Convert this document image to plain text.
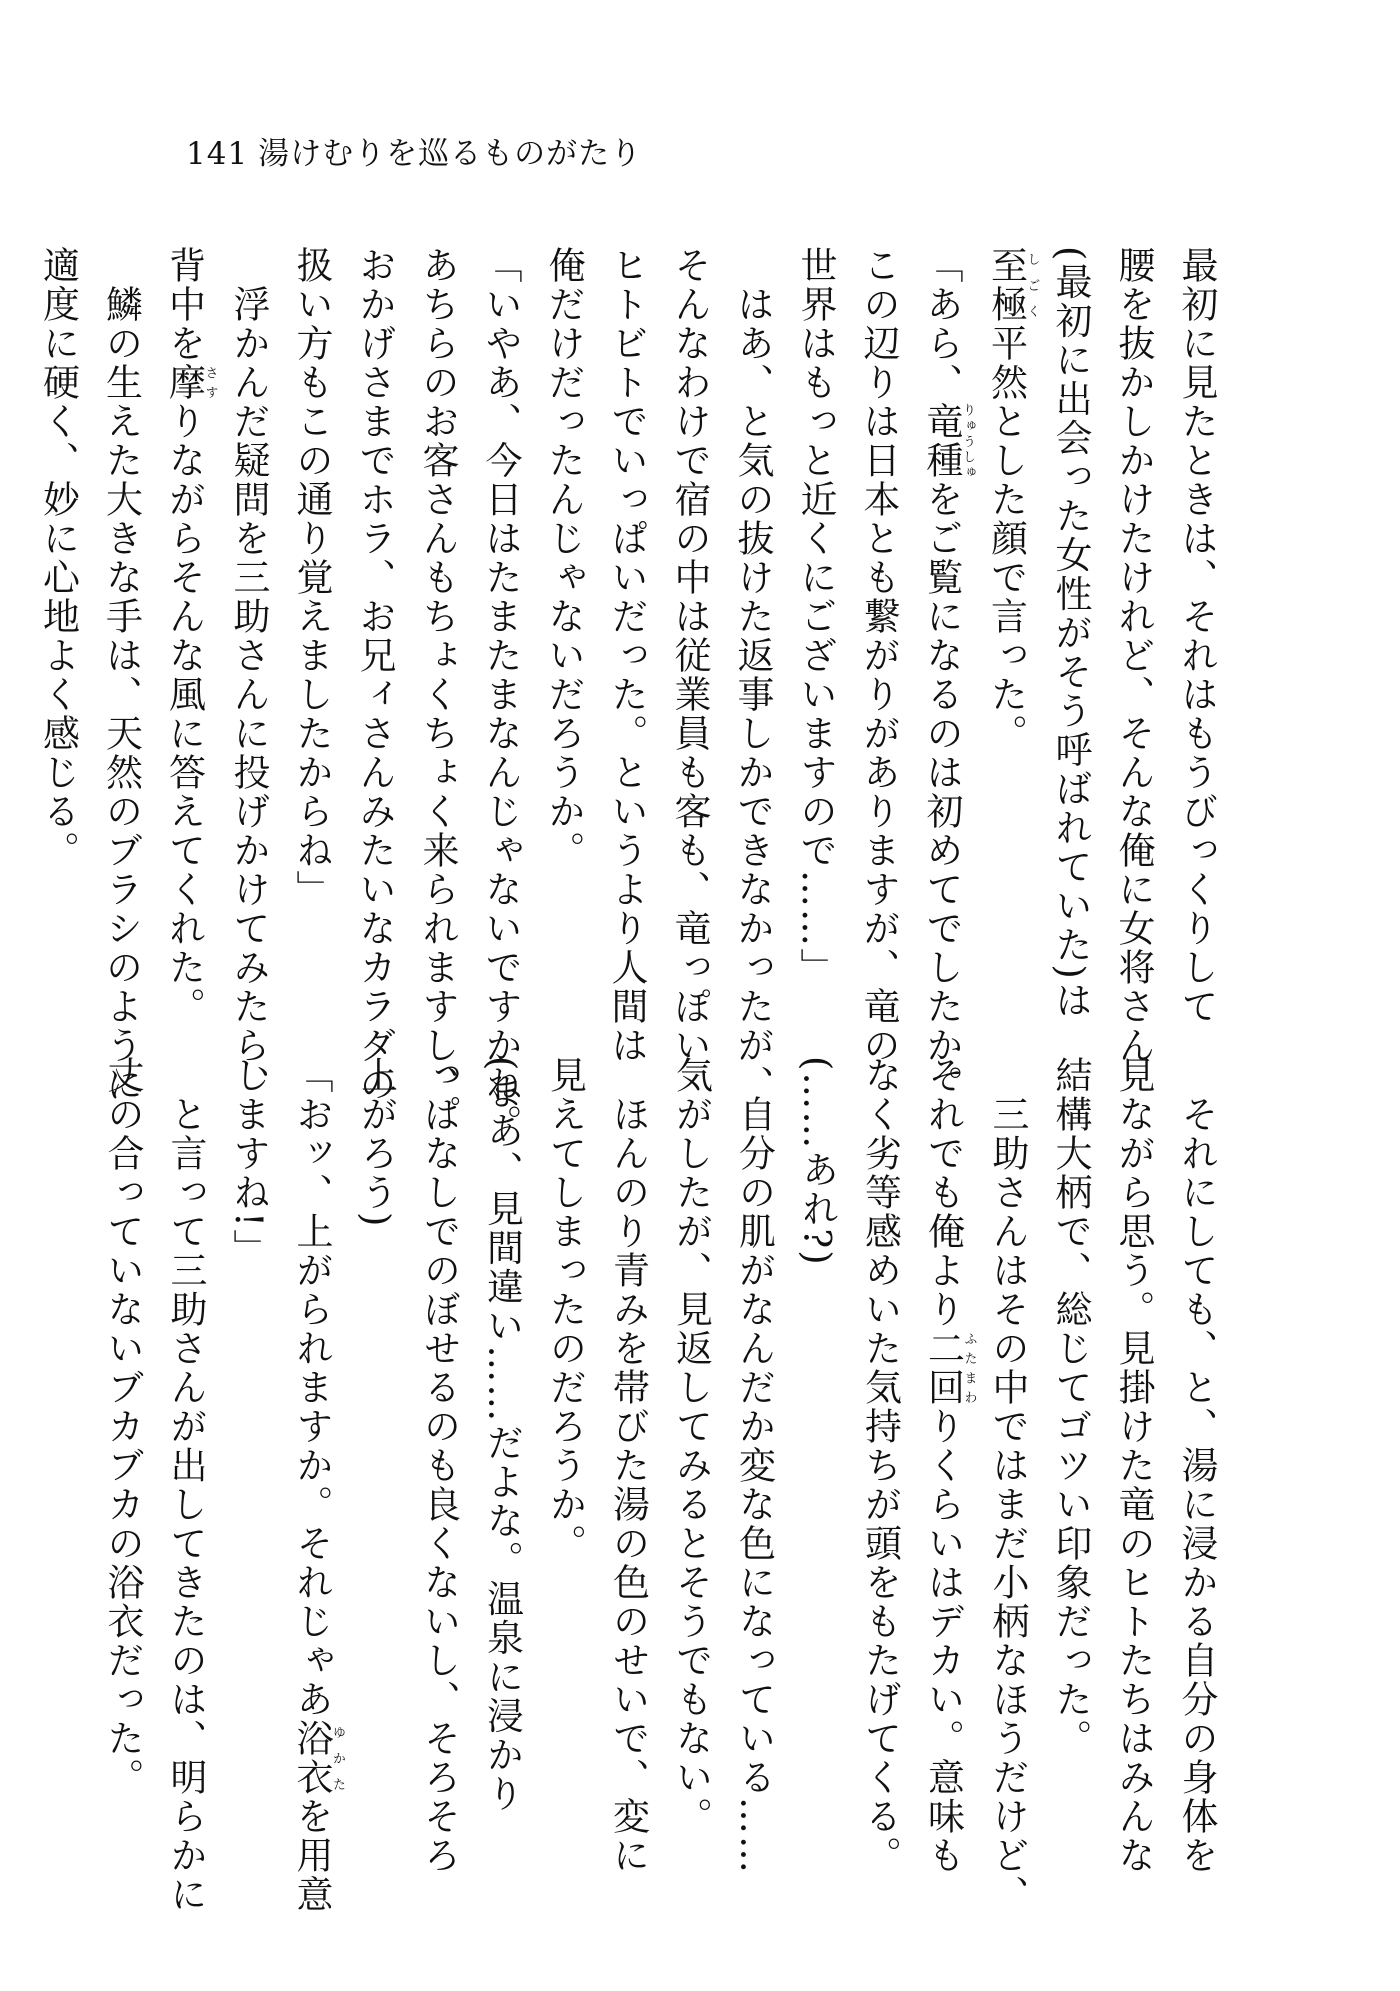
141 湯けむりを巡るものがたり
最初に見たときは、それはもうびっくりして
腰を抜かしかけたけれど、そんな俺に女将さん
(最初に出会った女性がそう呼ばれていた)は
至極しごく平然とした顔で言った。
「あら、竜種りゅうしゅをご覧になるのは初めてでしたか。
この辺りは日本とも繋がりがありますが、竜の
世界はもっと近くにございますので……」
　はあ、と気の抜けた返事しかできなかったが、
そんなわけで宿の中は従業員も客も、竜っぽい
ヒトビトでいっぱいだった。というより人間は
俺だけだったんじゃないだろうか。
「いやあ、今日はたまたまなんじゃないですかね。
あちらのお客さんもちょくちょく来られますし、
おかげさまでホラ、お兄ィさんみたいなカラダの
扱い方もこの通り覚えましたからね」
　浮かんだ疑問を三助さんに投げかけてみたら、
背中を摩さすりながらそんな風に答えてくれた。
　鱗の生えた大きな手は、天然のブラシのように
適度に硬く、妙に心地よく感じる。
　それにしても、と、湯に浸かる自分の身体を
見ながら思う。見掛けた竜のヒトたちはみんな
結構大柄で、総じてゴツい印象だった。
　三助さんはその中ではまだ小柄なほうだけど、
それでも俺より二回ふたまわりくらいはデカい。意味も
なく劣等感めいた気持ちが頭をもたげてくる。
(……あれ?)
　自分の肌がなんだか変な色になっている……
気がしたが、見返してみるとそうでもない。
　ほんのり青みを帯びた湯の色のせいで、変に
見えてしまったのだろうか。
(まあ、見間違い……だよな。温泉に浸かり
っぱなしでのぼせるのも良くないし、そろそろ
上がろう)
「おッ、上がられますか。それじゃあ浴衣ゆかたを用意
しますね!」
　と言って三助さんが出してきたのは、明らかに
丈の合っていないブカブカの浴衣だった。
